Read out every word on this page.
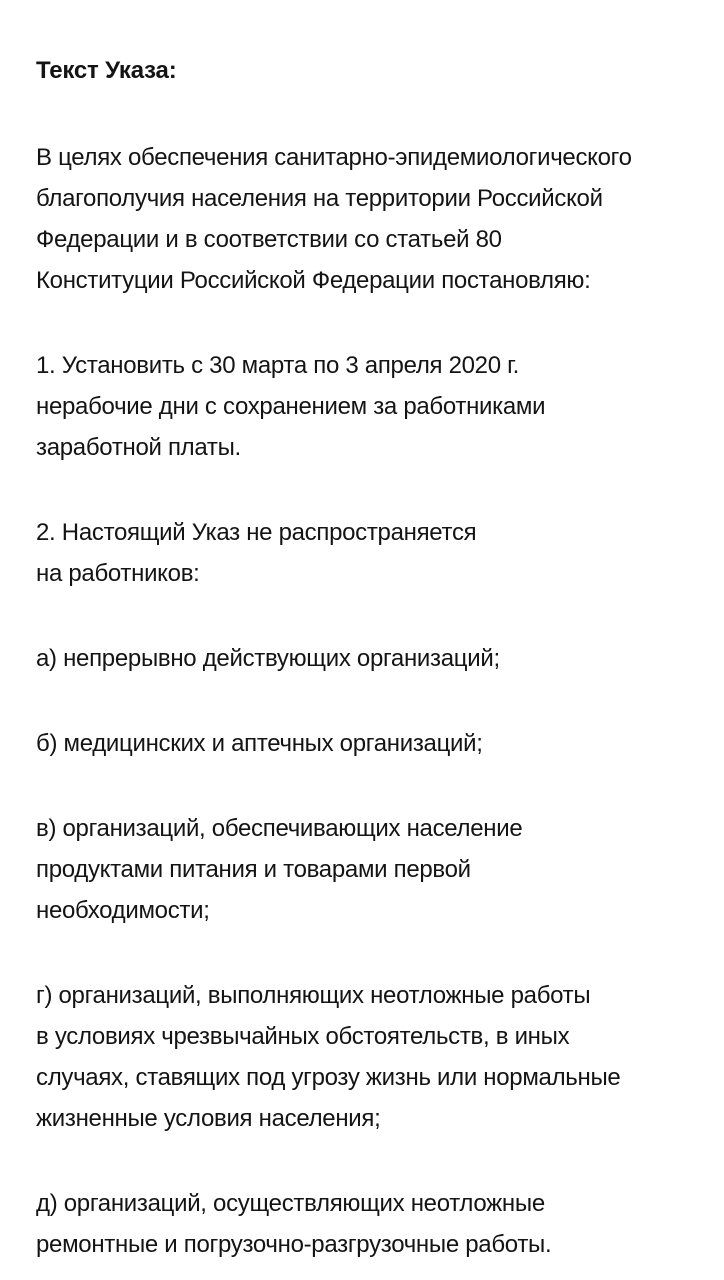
Текст Указа:

В целях обеспечения санитарно-эпидемиологического
благополучия населения на территории Российской
Федерации и в соответствии со статьей 80
Конституции Российской Федерации постановляю:

1. Установить с 30 марта по 3 апреля 2020 г.
нерабочие дни с сохранением за работниками
заработной платы.

2. Настоящий Указ не распространяется
на работников:

а) непрерывно действующих организаций;

б) медицинских и аптечных организаций;

в) организаций, обеспечивающих население
продуктами питания и товарами первой
необходимости;

г) организаций, выполняющих неотложные работы
в условиях чрезвычайных обстоятельств, в иных
случаях, ставящих под угрозу жизнь или нормальные
жизненные условия населения;

д) организаций, осуществляющих неотложные
ремонтные и погрузочно-разгрузочные работы.
